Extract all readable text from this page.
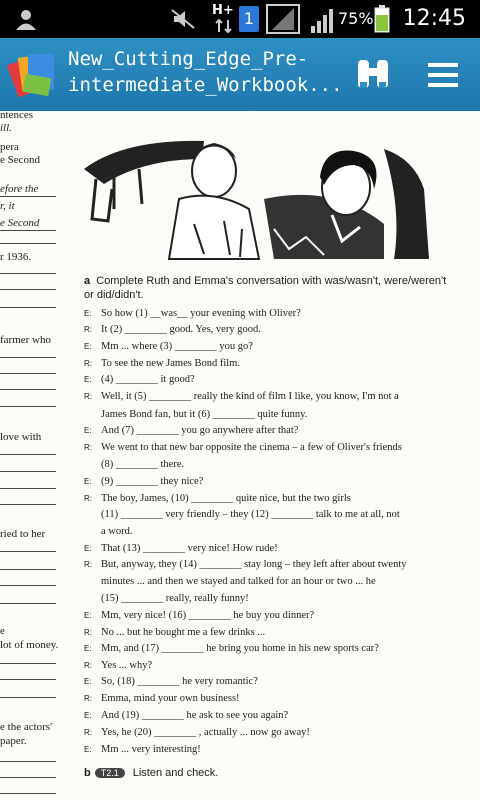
H+ 1	75% 12:45
New_Cutting_Edge_Pre-
intermediate_Workbook...
ntences
ill.
pera
e Second
efore the
r, it
e Second
r 1936.
farmer who
love with
ried to her
e
lot of money.
e the actors'
paper.
a Complete Ruth and Emma's conversation with was/wasn't, were/weren't or did/didn't.
E: So how (1) __was__ your evening with Oliver?
R: It (2) ________ good. Yes, very good.
E: Mm ... where (3) ________ you go?
R: To see the new James Bond film.
E: (4) ________ it good?
R: Well, it (5) ________ really the kind of film I like, you know, I'm not a
James Bond fan, but it (6) ________ quite funny.
E: And (7) ________ you go anywhere after that?
R: We went to that new bar opposite the cinema – a few of Oliver's friends
(8) ________ there.
E: (9) ________ they nice?
R: The boy, James, (10) ________ quite nice, but the two girls
(11) ________ very friendly – they (12) ________ talk to me at all, not
a word.
E: That (13) ________ very nice! How rude!
R: But, anyway, they (14) ________ stay long – they left after about twenty
minutes ... and then we stayed and talked for an hour or two ... he
(15) ________ really, really funny!
E: Mm, very nice! (16) ________ he buy you dinner?
R: No ... but he bought me a few drinks ...
E: Mm, and (17) ________ he bring you home in his new sports car?
R: Yes ... why?
E: So, (18) ________ he very romantic?
R: Emma, mind your own business!
E: And (19) ________ he ask to see you again?
R: Yes, he (20) ________ , actually ... now go away!
E: Mm ... very interesting!
b T2.1 Listen and check.
